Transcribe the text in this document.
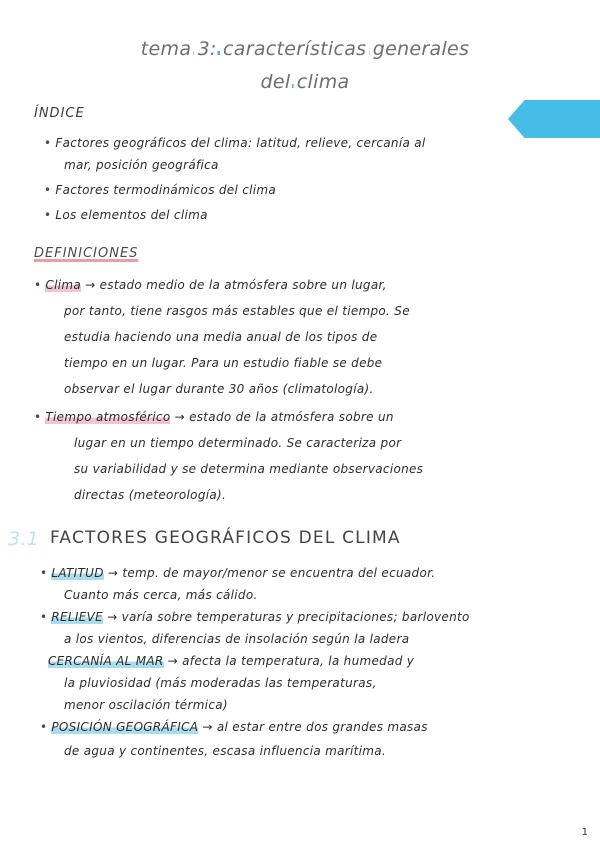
tema 3: características generales
del clima
ÍNDICE
• Factores geográficos del clima: latitud, relieve, cercanía al
mar, posición geográfica
• Factores termodinámicos del clima
• Los elementos del clima
DEFINICIONES
• Clima → estado medio de la atmósfera sobre un lugar,
por tanto, tiene rasgos más estables que el tiempo. Se
estudia haciendo una media anual de los tipos de
tiempo en un lugar. Para un estudio fiable se debe
observar el lugar durante 30 años (climatología).
• Tiempo atmosférico → estado de la atmósfera sobre un
lugar en un tiempo determinado. Se caracteriza por
su variabilidad y se determina mediante observaciones
directas (meteorología).
3.1 FACTORES GEOGRÁFICOS DEL CLIMA
• LATITUD → temp. de mayor/menor se encuentra del ecuador.
Cuanto más cerca, más cálido.
• RELIEVE → varía sobre temperaturas y precipitaciones; barlovento
a los vientos, diferencias de insolación según la ladera
CERCANÍA AL MAR → afecta la temperatura, la humedad y
la pluviosidad (más moderadas las temperaturas,
menor oscilación térmica)
• POSICIÓN GEOGRÁFICA → al estar entre dos grandes masas
de agua y continentes, escasa influencia marítima.
1
